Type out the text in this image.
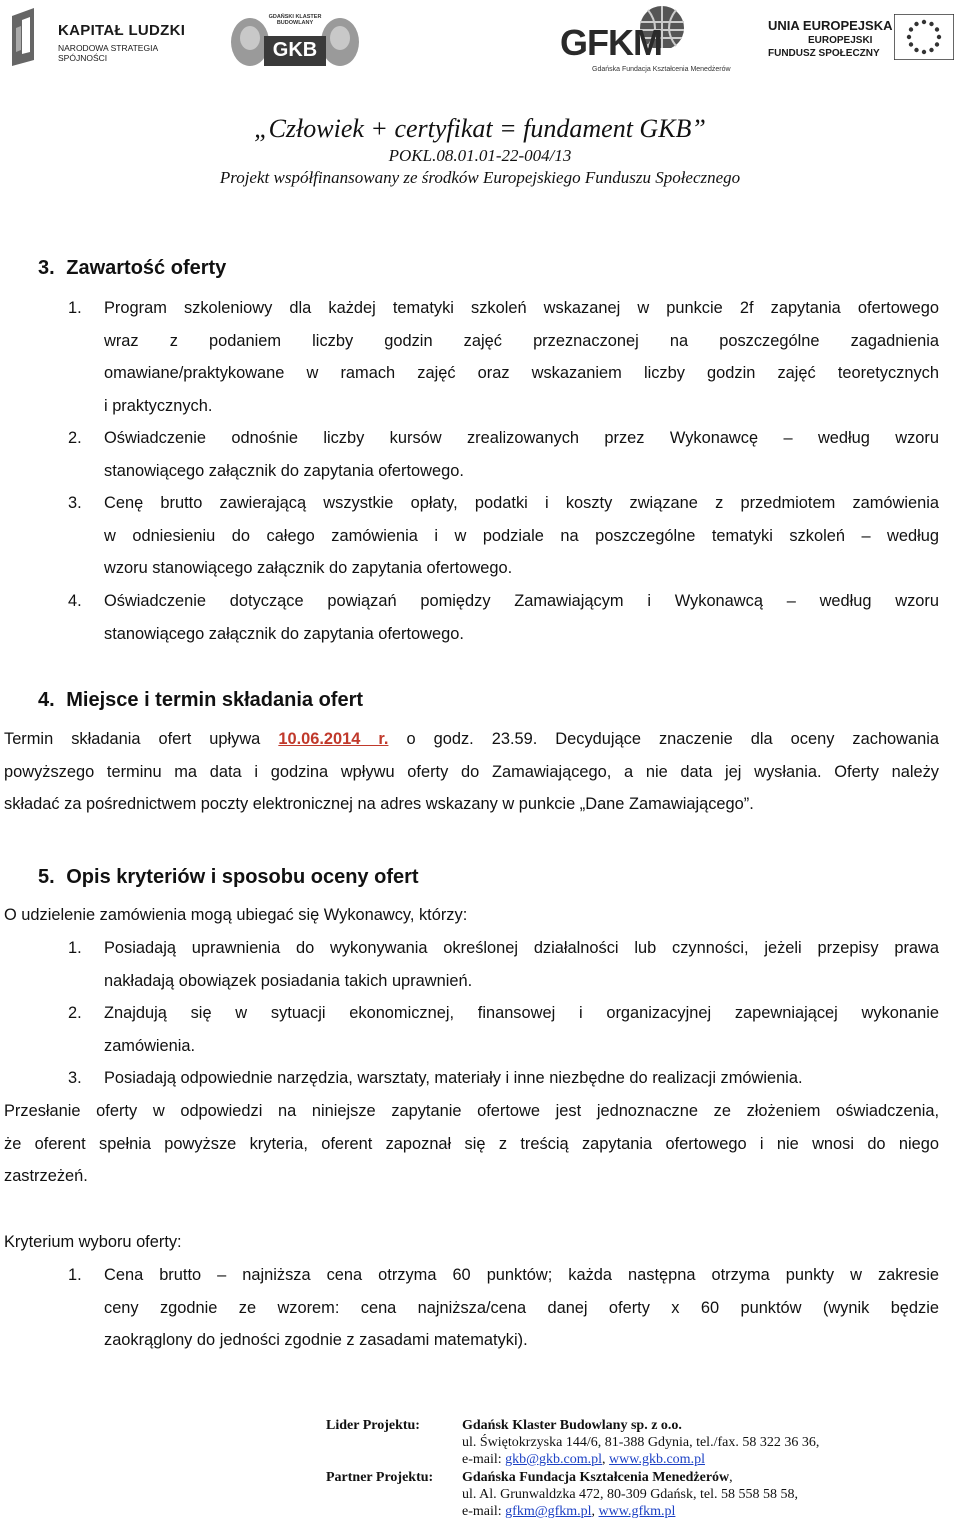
KAPITAŁ LUDZKI
NARODOWA STRATEGIA SPÓJNOŚCI
GDAŃSKI KLASTER BUDOWLANY
GKB	GFKM
Gdańska Fundacja Kształcenia Menedżerów
UNIA EUROPEJSKA
EUROPEJSKI
FUNDUSZ SPOŁECZNY
„Człowiek + certyfikat = fundament GKB”
POKL.08.01.01-22-004/13
Projekt współfinansowany ze środków Europejskiego Funduszu Społecznego
3. Zawartość oferty
1. Program szkoleniowy dla każdej tematyki szkoleń wskazanej w punkcie 2f zapytania ofertowego
wraz z podaniem liczby godzin zajęć przeznaczonej na poszczególne zagadnienia
omawiane/praktykowane w ramach zajęć oraz wskazaniem liczby godzin zajęć teoretycznych
i praktycznych.
2. Oświadczenie odnośnie liczby kursów zrealizowanych przez Wykonawcę – według wzoru
stanowiącego załącznik do zapytania ofertowego.
3. Cenę brutto zawierającą wszystkie opłaty, podatki i koszty związane z przedmiotem zamówienia
w odniesieniu do całego zamówienia i w podziale na poszczególne tematyki szkoleń – według
wzoru stanowiącego załącznik do zapytania ofertowego.
4. Oświadczenie dotyczące powiązań pomiędzy Zamawiającym i Wykonawcą – według wzoru
stanowiącego załącznik do zapytania ofertowego.
4. Miejsce i termin składania ofert
Termin składania ofert upływa 10.06.2014 r. o godz. 23.59. Decydujące znaczenie dla oceny zachowania
powyższego terminu ma data i godzina wpływu oferty do Zamawiającego, a nie data jej wysłania. Oferty należy
składać za pośrednictwem poczty elektronicznej na adres wskazany w punkcie „Dane Zamawiającego”.
5. Opis kryteriów i sposobu oceny ofert
O udzielenie zamówienia mogą ubiegać się Wykonawcy, którzy:
1. Posiadają uprawnienia do wykonywania określonej działalności lub czynności, jeżeli przepisy prawa
nakładają obowiązek posiadania takich uprawnień.
2. Znajdują się w sytuacji ekonomicznej, finansowej i organizacyjnej zapewniającej wykonanie
zamówienia.
3. Posiadają odpowiednie narzędzia, warsztaty, materiały i inne niezbędne do realizacji zmówienia.
Przesłanie oferty w odpowiedzi na niniejsze zapytanie ofertowe jest jednoznaczne ze złożeniem oświadczenia,
że oferent spełnia powyższe kryteria, oferent zapoznał się z treścią zapytania ofertowego i nie wnosi do niego
zastrzeżeń.
Kryterium wyboru oferty:
1. Cena brutto – najniższa cena otrzyma 60 punktów; każda następna otrzyma punkty w zakresie
ceny zgodnie ze wzorem: cena najniższa/cena danej oferty x 60 punktów (wynik będzie
zaokrąglony do jedności zgodnie z zasadami matematyki).
Lider Projektu:	Gdańsk Klaster Budowlany sp. z o.o.
ul. Świętokrzyska 144/6, 81-388 Gdynia, tel./fax. 58 322 36 36,
e-mail: gkb@gkb.com.pl, www.gkb.com.pl
Partner Projektu: Gdańska Fundacja Kształcenia Menedżerów,
ul. Al. Grunwaldzka 472, 80-309 Gdańsk, tel. 58 558 58 58,
e-mail: gfkm@gfkm.pl, www.gfkm.pl
